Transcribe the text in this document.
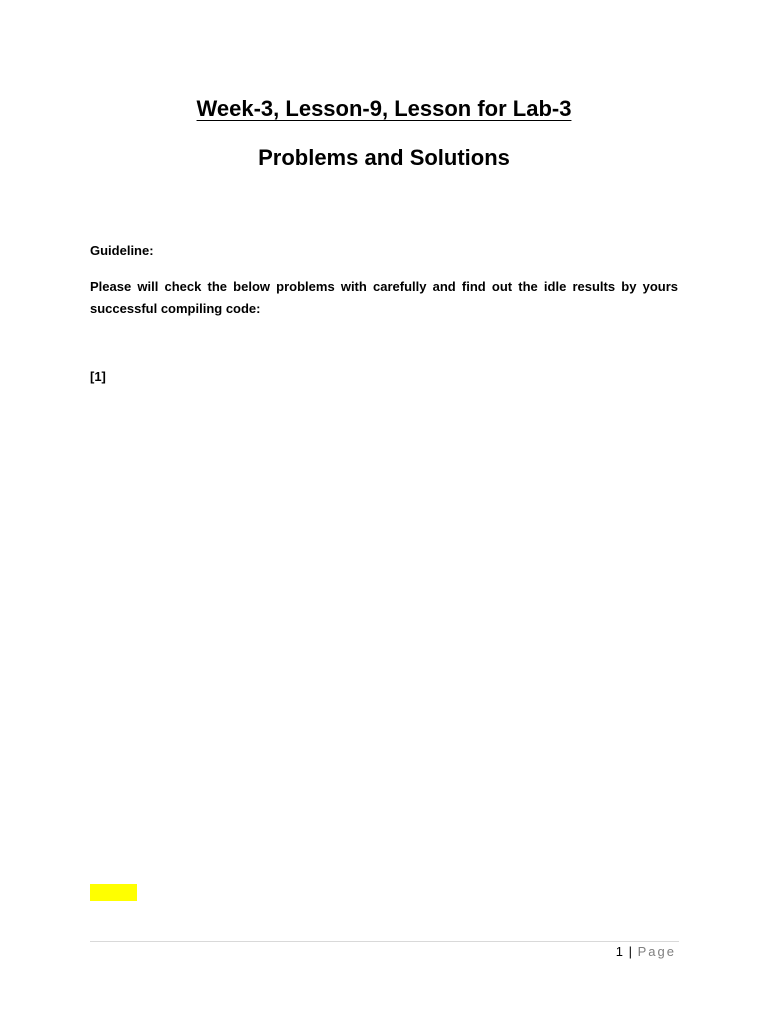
Week-3, Lesson-9, Lesson for Lab-3
Problems and Solutions
Guideline:
Please will check the below problems with carefully and find out the idle results by yours successful compiling code:
[1]
1 | Page
